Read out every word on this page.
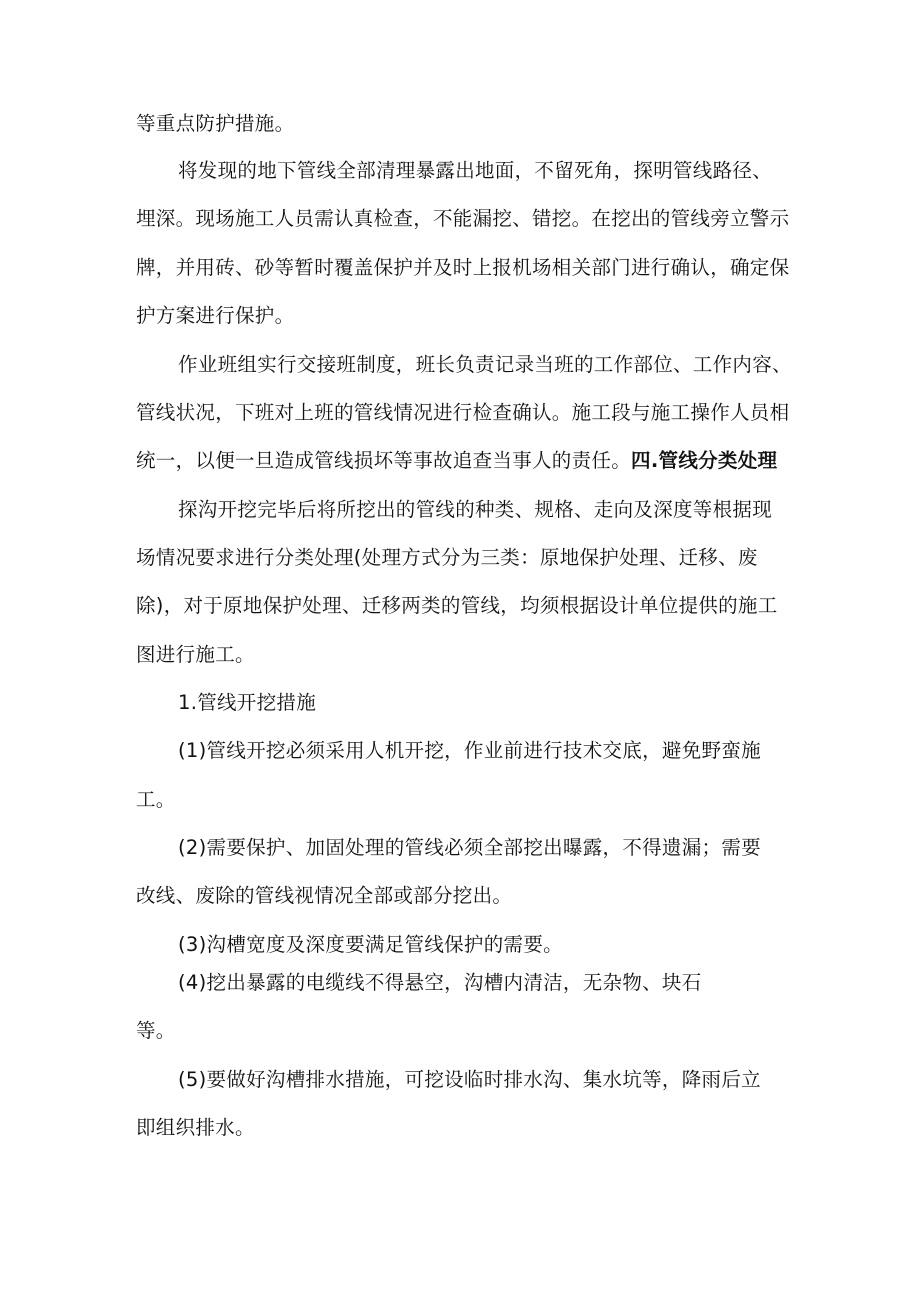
等重点防护措施。
将发现的地下管线全部清理暴露出地面，不留死角，探明管线路径、
埋深。现场施工人员需认真检查，不能漏挖、错挖。在挖出的管线旁立警示
牌，并用砖、砂等暂时覆盖保护并及时上报机场相关部门进行确认，确定保
护方案进行保护。
作业班组实行交接班制度，班长负责记录当班的工作部位、工作内容、
管线状况，下班对上班的管线情况进行检查确认。施工段与施工操作人员相
统一，以便一旦造成管线损坏等事故追查当事人的责任。四.管线分类处理
探沟开挖完毕后将所挖出的管线的种类、规格、走向及深度等根据现
场情况要求进行分类处理(处理方式分为三类：原地保护处理、迁移、废
除)，对于原地保护处理、迁移两类的管线，均须根据设计单位提供的施工
图进行施工。
1.管线开挖措施
(1)管线开挖必须采用人机开挖，作业前进行技术交底，避免野蛮施
工。
(2)需要保护、加固处理的管线必须全部挖出曝露，不得遗漏；需要
改线、废除的管线视情况全部或部分挖出。
(3)沟槽宽度及深度要满足管线保护的需要。
(4)挖出暴露的电缆线不得悬空，沟槽内清洁，无杂物、块石
等。
(5)要做好沟槽排水措施，可挖设临时排水沟、集水坑等，降雨后立
即组织排水。
